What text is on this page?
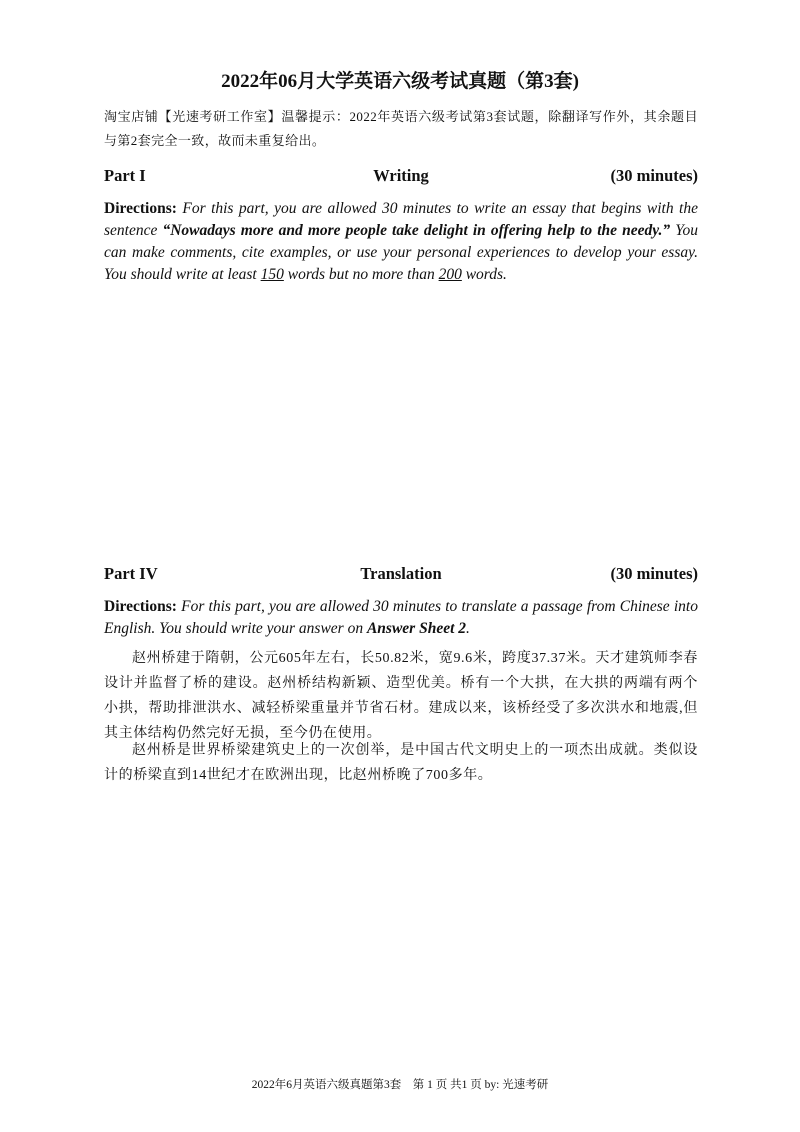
2022年06月大学英语六级考试真题（第3套)
淘宝店铺【光速考研工作室】温馨提示：2022年英语六级考试第3套试题，除翻译写作外，其余题目与第2套完全一致，故而未重复给出。
Part I	Writing	(30 minutes)
Directions: For this part, you are allowed 30 minutes to write an essay that begins with the sentence “Nowadays more and more people take delight in offering help to the needy.” You can make comments, cite examples, or use your personal experiences to develop your essay. You should write at least 150 words but no more than 200 words.
Part IV	Translation	(30 minutes)
Directions: For this part, you are allowed 30 minutes to translate a passage from Chinese into English. You should write your answer on Answer Sheet 2.
赵州桥建于隋朝，公元605年左右，长50.82米，宽9.6米，跨度37.37米。天才建筑师李春设计并监督了桥的建设。赵州桥结构新颖、造型优美。桥有一个大拱，在大拱的两端有两个小拱，帮助排泄洪水、减轻桥梁重量并节省石材。建成以来，该桥经受了多次洪水和地震,但其主体结构仍然完好无损，至今仍在使用。
赵州桥是世界桥梁建筑史上的一次创举，是中国古代文明史上的一项杰出成就。类似设计的桥梁直到14世纪才在欧洲出现，比赵州桥晚了700多年。
2022年6月英语六级真题第3套　第 1 页 共1 页 by: 光速考研
